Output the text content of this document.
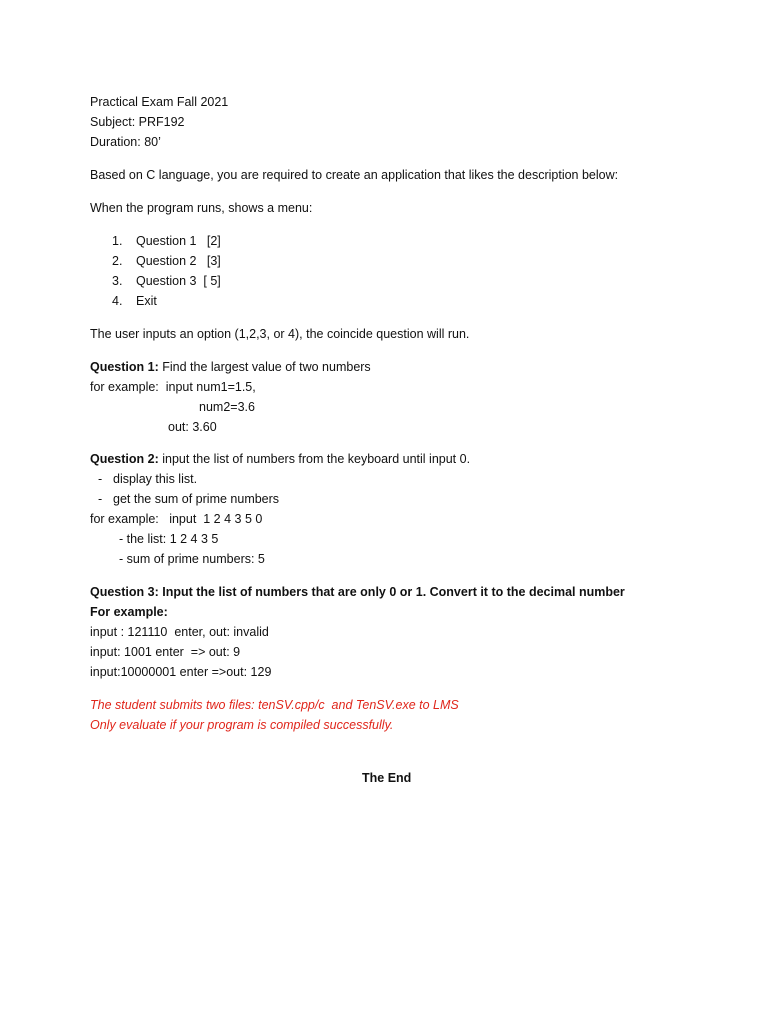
Practical Exam Fall 2021

Subject: PRF192

Duration: 80’

Based on C language, you are required to create an application that likes the description below:

When the program runs, shows a menu:

1. Question 1   [2]
2. Question 2   [3]
3. Question 3  [ 5]
4. Exit

The user inputs an option (1,2,3, or 4), the coincide question will run.

Question 1: Find the largest value of two numbers

for example:  input num1=1.5,

num2=3.6

out: 3.60

Question 2: input the list of numbers from the keyboard until input 0.

- display this list.
- get the sum of prime numbers

for example:   input  1 2 4 3 5 0

- the list: 1 2 4 3 5

- sum of prime numbers: 5

Question 3: Input the list of numbers that are only 0 or 1. Convert it to the decimal number

For example:

input : 121110  enter, out: invalid

input: 1001 enter  => out: 9

input:10000001 enter =>out: 129

The student submits two files: tenSV.cpp/c  and TenSV.exe to LMS

Only evaluate if your program is compiled successfully.

The End
